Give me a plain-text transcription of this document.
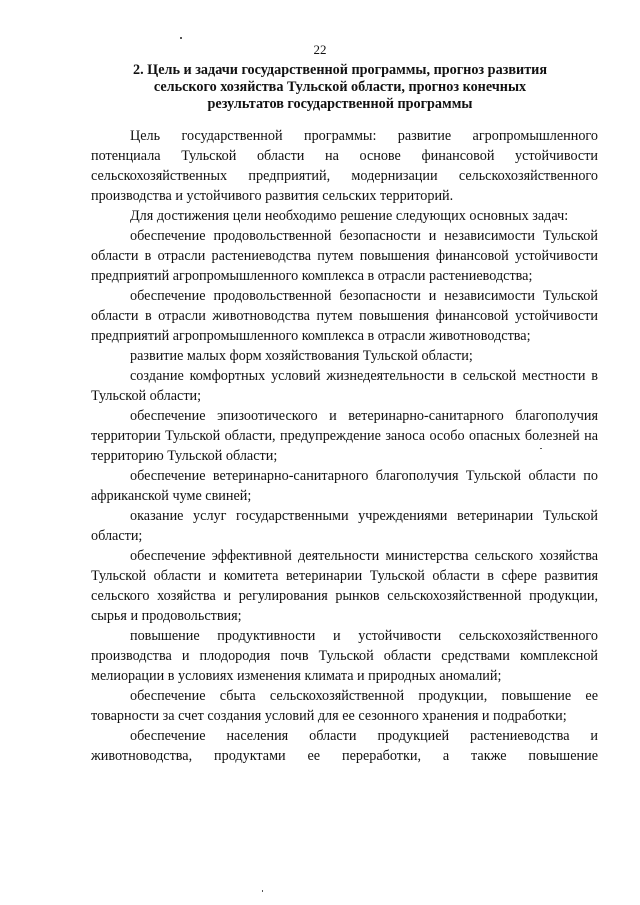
22
2. Цель и задачи государственной программы, прогноз развития
сельского хозяйства Тульской области, прогноз конечных
результатов государственной программы

Цель государственной программы: развитие агропромышленного потенциала Тульской области на основе финансовой устойчивости сельскохозяйственных предприятий, модернизации сельскохозяйственного производства и устойчивого развития сельских территорий.

Для достижения цели необходимо решение следующих основных задач:

обеспечение продовольственной безопасности и независимости Тульской области в отрасли растениеводства путем повышения финансовой устойчивости предприятий агропромышленного комплекса в отрасли растениеводства;

обеспечение продовольственной безопасности и независимости Тульской области в отрасли животноводства путем повышения финансовой устойчивости предприятий агропромышленного комплекса в отрасли животноводства;

развитие малых форм хозяйствования Тульской области;

создание комфортных условий жизнедеятельности в сельской местности в Тульской области;

обеспечение эпизоотического и ветеринарно-санитарного благополучия территории Тульской области, предупреждение заноса особо опасных болезней на территорию Тульской области;

обеспечение ветеринарно-санитарного благополучия Тульской области по африканской чуме свиней;

оказание услуг государственными учреждениями ветеринарии Тульской области;

обеспечение эффективной деятельности министерства сельского хозяйства Тульской области и комитета ветеринарии Тульской области в сфере развития сельского хозяйства и регулирования рынков сельскохозяйственной продукции, сырья и продовольствия;

повышение продуктивности и устойчивости сельскохозяйственного производства и плодородия почв Тульской области средствами комплексной мелиорации в условиях изменения климата и природных аномалий;

обеспечение сбыта сельскохозяйственной продукции, повышение ее товарности за счет создания условий для ее сезонного хранения и подработки;

обеспечение населения области продукцией растениеводства и животноводства, продуктами ее переработки, а также повышение
